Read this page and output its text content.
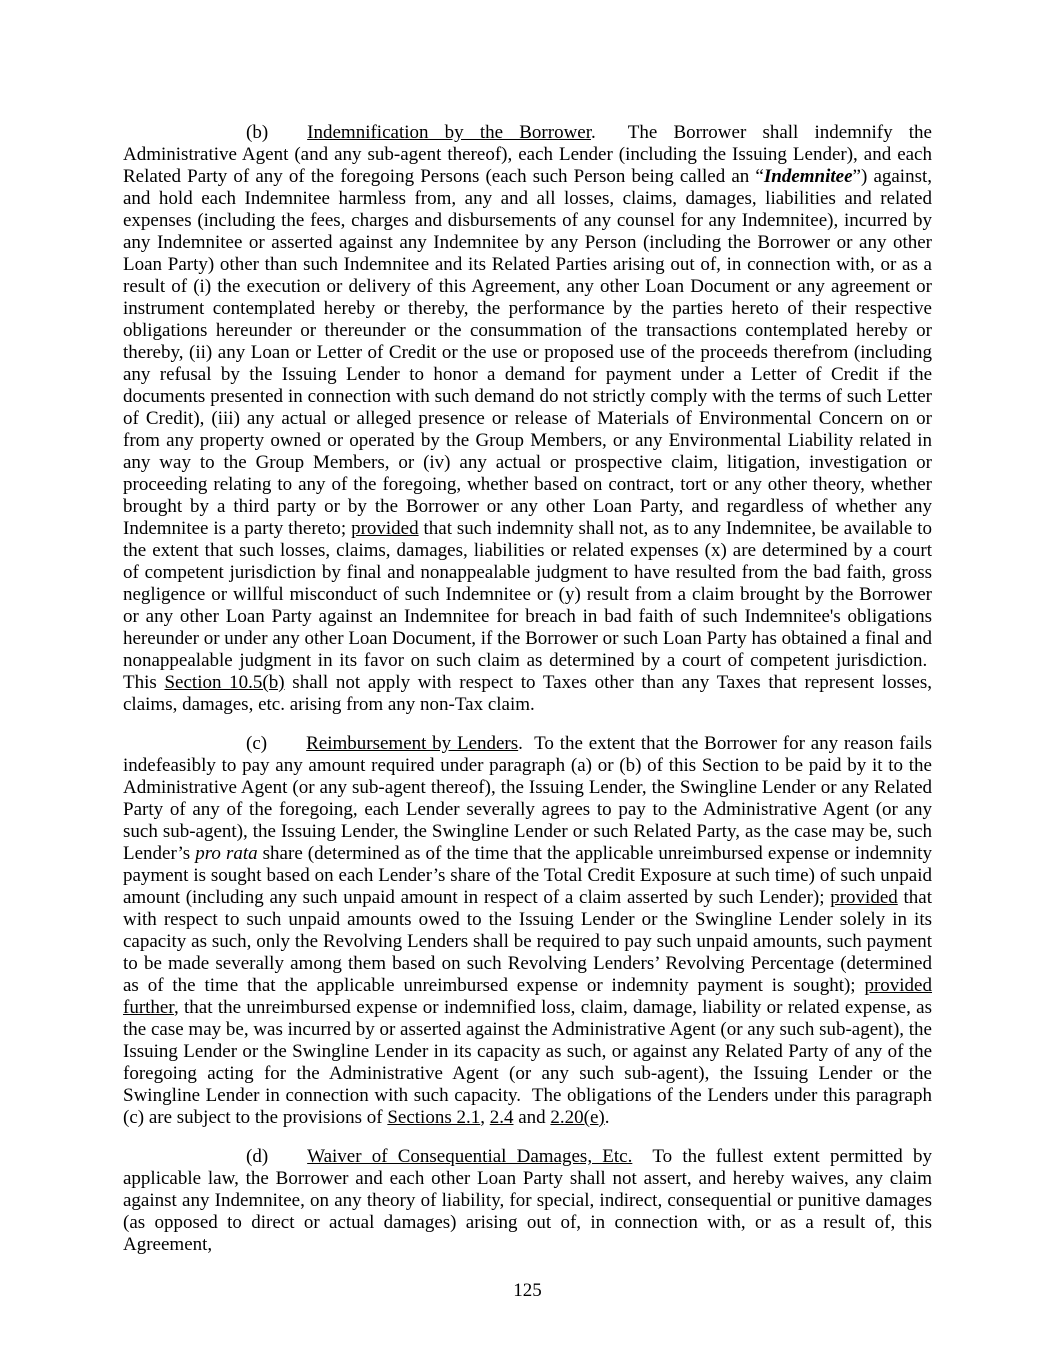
(b) Indemnification by the Borrower.  The Borrower shall indemnify the Administrative Agent (and any sub-agent thereof), each Lender (including the Issuing Lender), and each Related Party of any of the foregoing Persons (each such Person being called an “Indemnitee”) against, and hold each Indemnitee harmless from, any and all losses, claims, damages, liabilities and related expenses (including the fees, charges and disbursements of any counsel for any Indemnitee), incurred by any Indemnitee or asserted against any Indemnitee by any Person (including the Borrower or any other Loan Party) other than such Indemnitee and its Related Parties arising out of, in connection with, or as a result of (i) the execution or delivery of this Agreement, any other Loan Document or any agreement or instrument contemplated hereby or thereby, the performance by the parties hereto of their respective obligations hereunder or thereunder or the consummation of the transactions contemplated hereby or thereby, (ii) any Loan or Letter of Credit or the use or proposed use of the proceeds therefrom (including any refusal by the Issuing Lender to honor a demand for payment under a Letter of Credit if the documents presented in connection with such demand do not strictly comply with the terms of such Letter of Credit), (iii) any actual or alleged presence or release of Materials of Environmental Concern on or from any property owned or operated by the Group Members, or any Environmental Liability related in any way to the Group Members, or (iv) any actual or prospective claim, litigation, investigation or proceeding relating to any of the foregoing, whether based on contract, tort or any other theory, whether brought by a third party or by the Borrower or any other Loan Party, and regardless of whether any Indemnitee is a party thereto; provided that such indemnity shall not, as to any Indemnitee, be available to the extent that such losses, claims, damages, liabilities or related expenses (x) are determined by a court of competent jurisdiction by final and nonappealable judgment to have resulted from the bad faith, gross negligence or willful misconduct of such Indemnitee or (y) result from a claim brought by the Borrower or any other Loan Party against an Indemnitee for breach in bad faith of such Indemnitee's obligations hereunder or under any other Loan Document, if the Borrower or such Loan Party has obtained a final and nonappealable judgment in its favor on such claim as determined by a court of competent jurisdiction.  This Section 10.5(b) shall not apply with respect to Taxes other than any Taxes that represent losses, claims, damages, etc. arising from any non-Tax claim.

(c) Reimbursement by Lenders.  To the extent that the Borrower for any reason fails indefeasibly to pay any amount required under paragraph (a) or (b) of this Section to be paid by it to the Administrative Agent (or any sub-agent thereof), the Issuing Lender, the Swingline Lender or any Related Party of any of the foregoing, each Lender severally agrees to pay to the Administrative Agent (or any such sub-agent), the Issuing Lender, the Swingline Lender or such Related Party, as the case may be, such Lender’s pro rata share (determined as of the time that the applicable unreimbursed expense or indemnity payment is sought based on each Lender’s share of the Total Credit Exposure at such time) of such unpaid amount (including any such unpaid amount in respect of a claim asserted by such Lender); provided that with respect to such unpaid amounts owed to the Issuing Lender or the Swingline Lender solely in its capacity as such, only the Revolving Lenders shall be required to pay such unpaid amounts, such payment to be made severally among them based on such Revolving Lenders’ Revolving Percentage (determined as of the time that the applicable unreimbursed expense or indemnity payment is sought); provided further, that the unreimbursed expense or indemnified loss, claim, damage, liability or related expense, as the case may be, was incurred by or asserted against the Administrative Agent (or any such sub-agent), the Issuing Lender or the Swingline Lender in its capacity as such, or against any Related Party of any of the foregoing acting for the Administrative Agent (or any such sub-agent), the Issuing Lender or the Swingline Lender in connection with such capacity.  The obligations of the Lenders under this paragraph (c) are subject to the provisions of Sections 2.1, 2.4 and 2.20(e).

(d) Waiver of Consequential Damages, Etc.  To the fullest extent permitted by applicable law, the Borrower and each other Loan Party shall not assert, and hereby waives, any claim against any Indemnitee, on any theory of liability, for special, indirect, consequential or punitive damages (as opposed to direct or actual damages) arising out of, in connection with, or as a result of, this Agreement,

125
